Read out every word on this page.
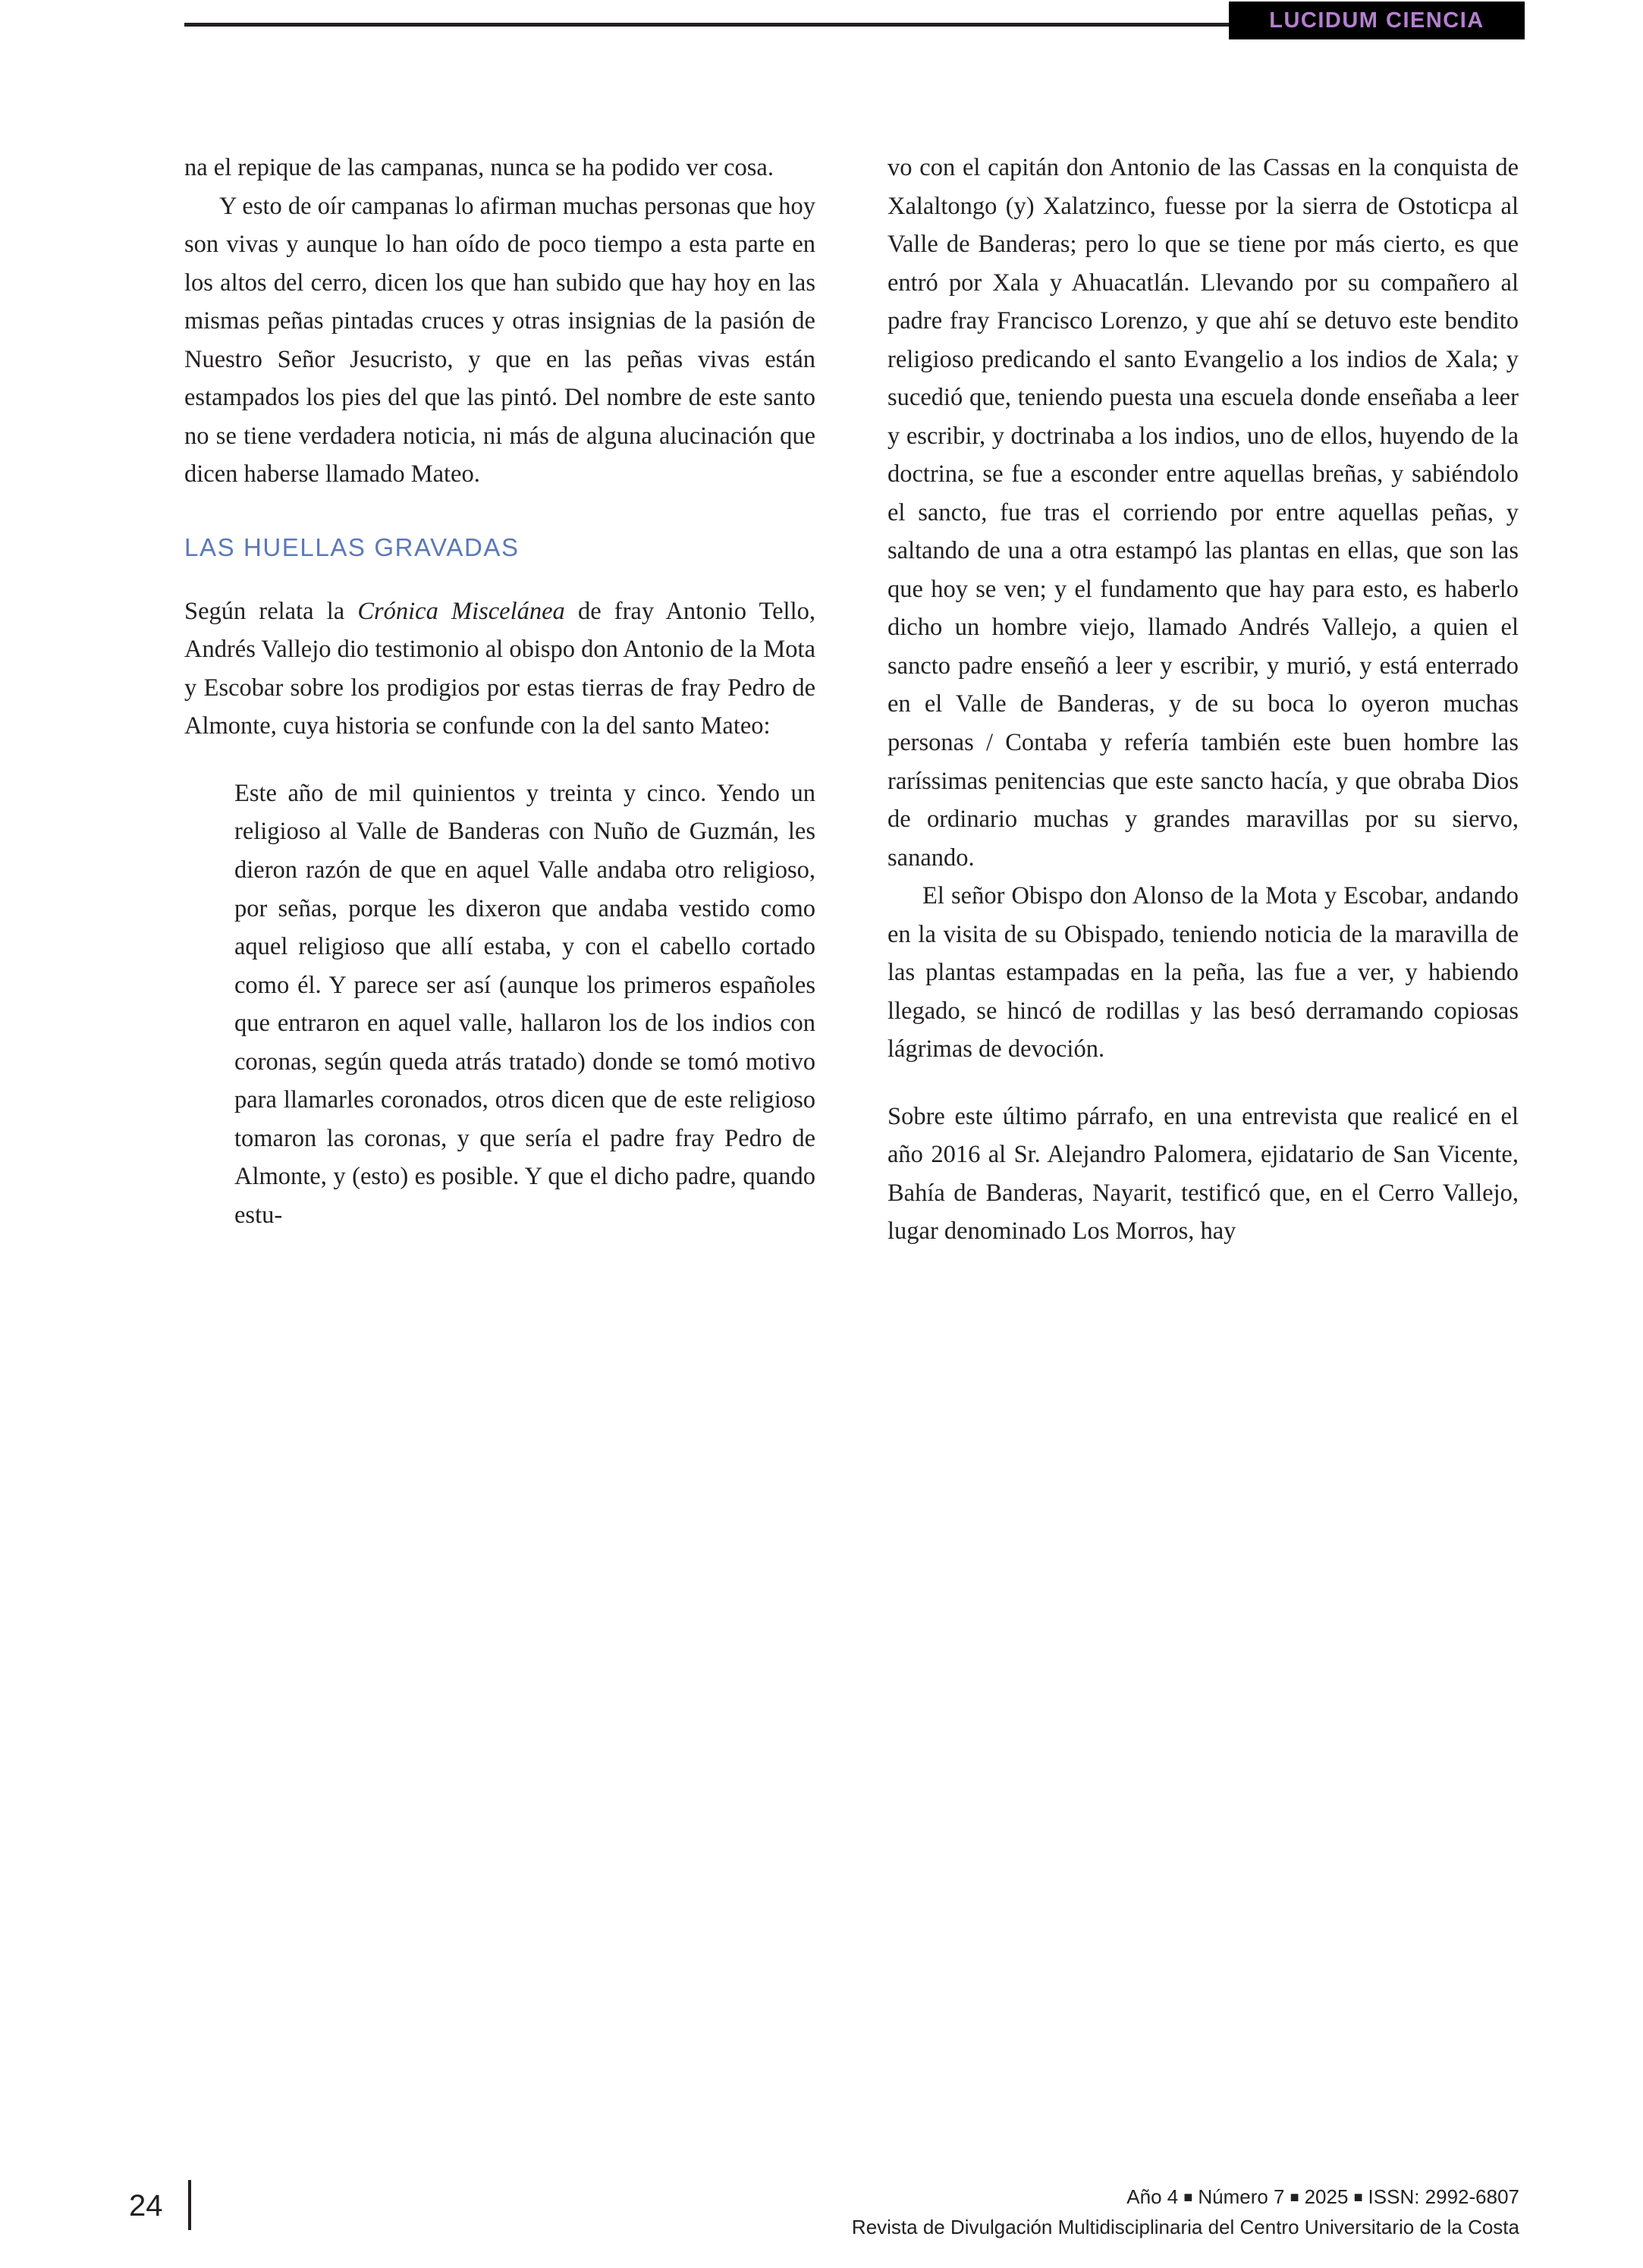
LUCIDUM CIENCIA

na el repique de las campanas, nunca se ha podido ver cosa.

Y esto de oír campanas lo afirman muchas personas que hoy son vivas y aunque lo han oído de poco tiempo a esta parte en los altos del cerro, dicen los que han subido que hay hoy en las mismas peñas pintadas cruces y otras insignias de la pasión de Nuestro Señor Jesucristo, y que en las peñas vivas están estampados los pies del que las pintó. Del nombre de este santo no se tiene verdadera noticia, ni más de alguna alucinación que dicen haberse llamado Mateo.

LAS HUELLAS GRAVADAS

Según relata la Crónica Miscelánea de fray Antonio Tello, Andrés Vallejo dio testimonio al obispo don Antonio de la Mota y Escobar sobre los prodigios por estas tierras de fray Pedro de Almonte, cuya historia se confunde con la del santo Mateo:

Este año de mil quinientos y treinta y cinco. Yendo un religioso al Valle de Banderas con Nuño de Guzmán, les dieron razón de que en aquel Valle andaba otro religioso, por señas, porque les dixeron que andaba vestido como aquel religioso que allí estaba, y con el cabello cortado como él. Y parece ser así (aunque los primeros españoles que entraron en aquel valle, hallaron los de los indios con coronas, según queda atrás tratado) donde se tomó motivo para llamarles coronados, otros dicen que de este religioso tomaron las coronas, y que sería el padre fray Pedro de Almonte, y (esto) es posible. Y que el dicho padre, quando estu-

vo con el capitán don Antonio de las Cassas en la conquista de Xalaltongo (y) Xalatzinco, fuesse por la sierra de Ostoticpa al Valle de Banderas; pero lo que se tiene por más cierto, es que entró por Xala y Ahuacatlán. Llevando por su compañero al padre fray Francisco Lorenzo, y que ahí se detuvo este bendito religioso predicando el santo Evangelio a los indios de Xala; y sucedió que, teniendo puesta una escuela donde enseñaba a leer y escribir, y doctrinaba a los indios, uno de ellos, huyendo de la doctrina, se fue a esconder entre aquellas breñas, y sabiéndolo el sancto, fue tras el corriendo por entre aquellas peñas, y saltando de una a otra estampó las plantas en ellas, que son las que hoy se ven; y el fundamento que hay para esto, es haberlo dicho un hombre viejo, llamado Andrés Vallejo, a quien el sancto padre enseñó a leer y escribir, y murió, y está enterrado en el Valle de Banderas, y de su boca lo oyeron muchas personas / Contaba y refería también este buen hombre las raríssimas penitencias que este sancto hacía, y que obraba Dios de ordinario muchas y grandes maravillas por su siervo, sanando.

El señor Obispo don Alonso de la Mota y Escobar, andando en la visita de su Obispado, teniendo noticia de la maravilla de las plantas estampadas en la peña, las fue a ver, y habiendo llegado, se hincó de rodillas y las besó derramando copiosas lágrimas de devoción.

Sobre este último párrafo, en una entrevista que realicé en el año 2016 al Sr. Alejandro Palomera, ejidatario de San Vicente, Bahía de Banderas, Nayarit, testificó que, en el Cerro Vallejo, lugar denominado Los Morros, hay

24	Año 4 ■ Número 7 ■ 2025 ■ ISSN: 2992-6807
Revista de Divulgación Multidisciplinaria del Centro Universitario de la Costa
